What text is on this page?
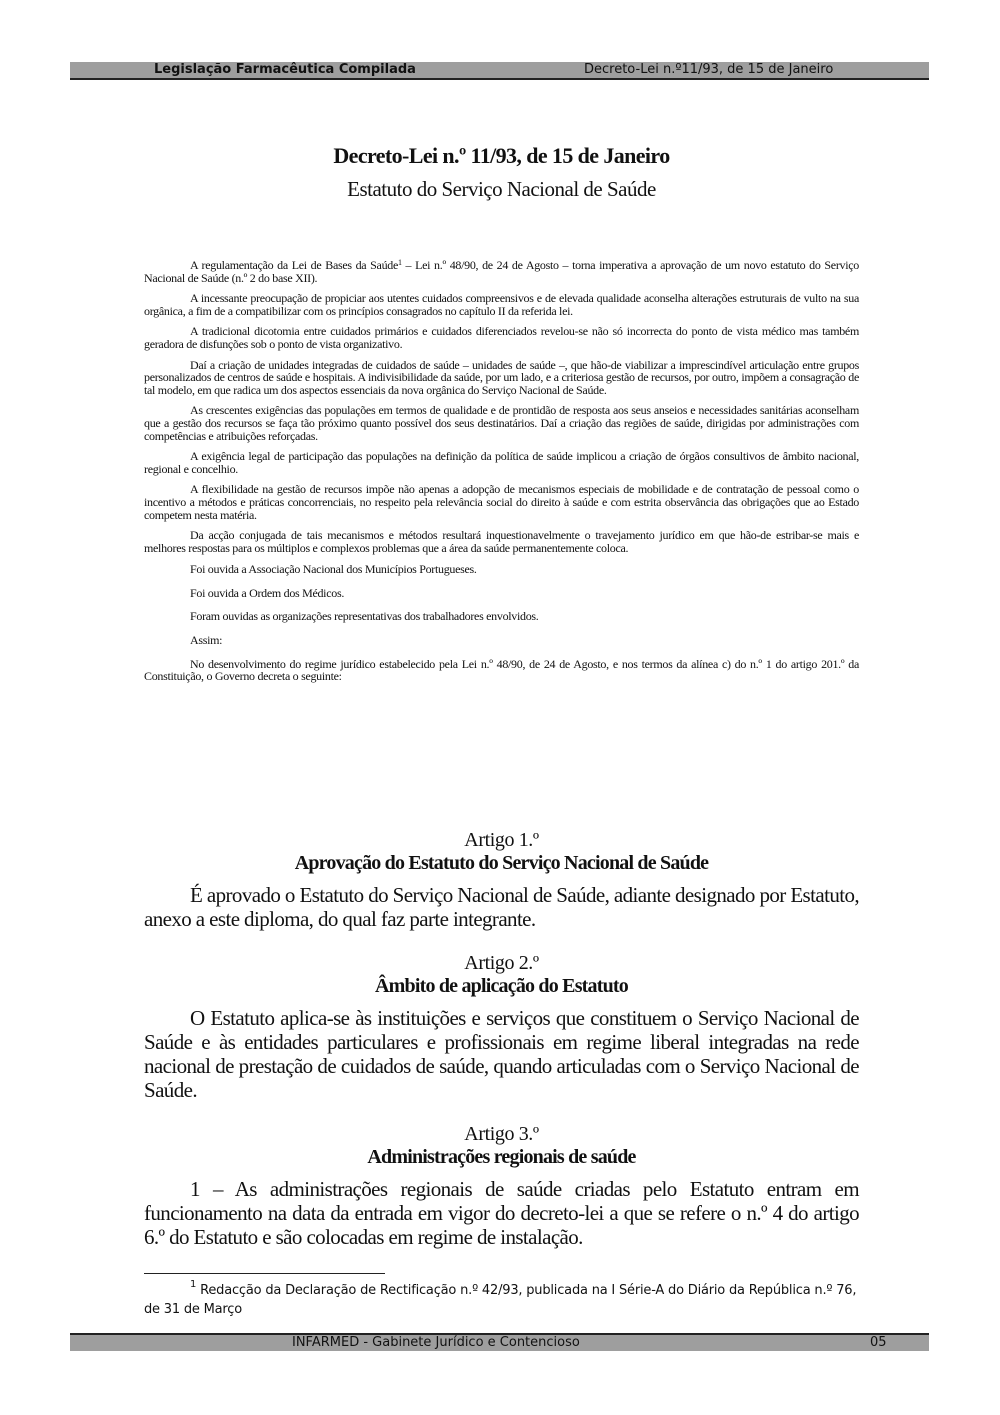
Legislação Farmacêutica Compilada	Decreto-Lei n.º11/93, de 15 de Janeiro
Decreto-Lei n.º 11/93, de 15 de Janeiro
Estatuto do Serviço Nacional de Saúde

A regulamentação da Lei de Bases da Saúde$^1$ – Lei n.º 48/90, de 24 de Agosto – torna imperativa a aprovação de um novo estatuto do Serviço Nacional de Saúde (n.º 2 do base XII).

A incessante preocupação de propiciar aos utentes cuidados compreensivos e de elevada qualidade aconselha alterações estruturais de vulto na sua orgânica, a fim de a compatibilizar com os princípios consagrados no capítulo II da referida lei.

A tradicional dicotomia entre cuidados primários e cuidados diferenciados revelou-se não só incorrecta do ponto de vista médico mas também geradora de disfunções sob o ponto de vista organizativo.

Daí a criação de unidades integradas de cuidados de saúde – unidades de saúde –, que hão-de viabilizar a imprescindível articulação entre grupos personalizados de centros de saúde e hospitais. A indivisibilidade da saúde, por um lado, e a criteriosa gestão de recursos, por outro, impõem a consagração de tal modelo, em que radica um dos aspectos essenciais da nova orgânica do Serviço Nacional de Saúde.

As crescentes exigências das populações em termos de qualidade e de prontidão de resposta aos seus anseios e necessidades sanitárias aconselham que a gestão dos recursos se faça tão próximo quanto possível dos seus destinatários. Daí a criação das regiões de saúde, dirigidas por administrações com competências e atribuições reforçadas.

A exigência legal de participação das populações na definição da política de saúde implicou a criação de órgãos consultivos de âmbito nacional, regional e concelhio.

A flexibilidade na gestão de recursos impõe não apenas a adopção de mecanismos especiais de mobilidade e de contratação de pessoal como o incentivo a métodos e práticas concorrenciais, no respeito pela relevância social do direito à saúde e com estrita observância das obrigações que ao Estado competem nesta matéria.

Da acção conjugada de tais mecanismos e métodos resultará inquestionavelmente o travejamento jurídico em que hão-de estribar-se mais e melhores respostas para os múltiplos e complexos problemas que a área da saúde permanentemente coloca.

Foi ouvida a Associação Nacional dos Municípios Portugueses.

Foi ouvida a Ordem dos Médicos.

Foram ouvidas as organizações representativas dos trabalhadores envolvidos.

Assim:

No desenvolvimento do regime jurídico estabelecido pela Lei n.º 48/90, de 24 de Agosto, e nos termos da alínea c) do n.º 1 do artigo 201.º da Constituição, o Governo decreta o seguinte:

Artigo 1.º

Aprovação do Estatuto do Serviço Nacional de Saúde

É aprovado o Estatuto do Serviço Nacional de Saúde, adiante designado por Estatuto, anexo a este diploma, do qual faz parte integrante.

Artigo 2.º

Âmbito de aplicação do Estatuto

O Estatuto aplica-se às instituições e serviços que constituem o Serviço Nacional de Saúde e às entidades particulares e profissionais em regime liberal integradas na rede nacional de prestação de cuidados de saúde, quando articuladas com o Serviço Nacional de Saúde.

Artigo 3.º

Administrações regionais de saúde

1 – As administrações regionais de saúde criadas pelo Estatuto entram em funcionamento na data da entrada em vigor do decreto-lei a que se refere o n.º 4 do artigo 6.º do Estatuto e são colocadas em regime de instalação.

$^1$ Redacção da Declaração de Rectificação n.º 42/93, publicada na I Série-A do Diário da República n.º 76, de 31 de Março
INFARMED - Gabinete Jurídico e Contencioso	05
